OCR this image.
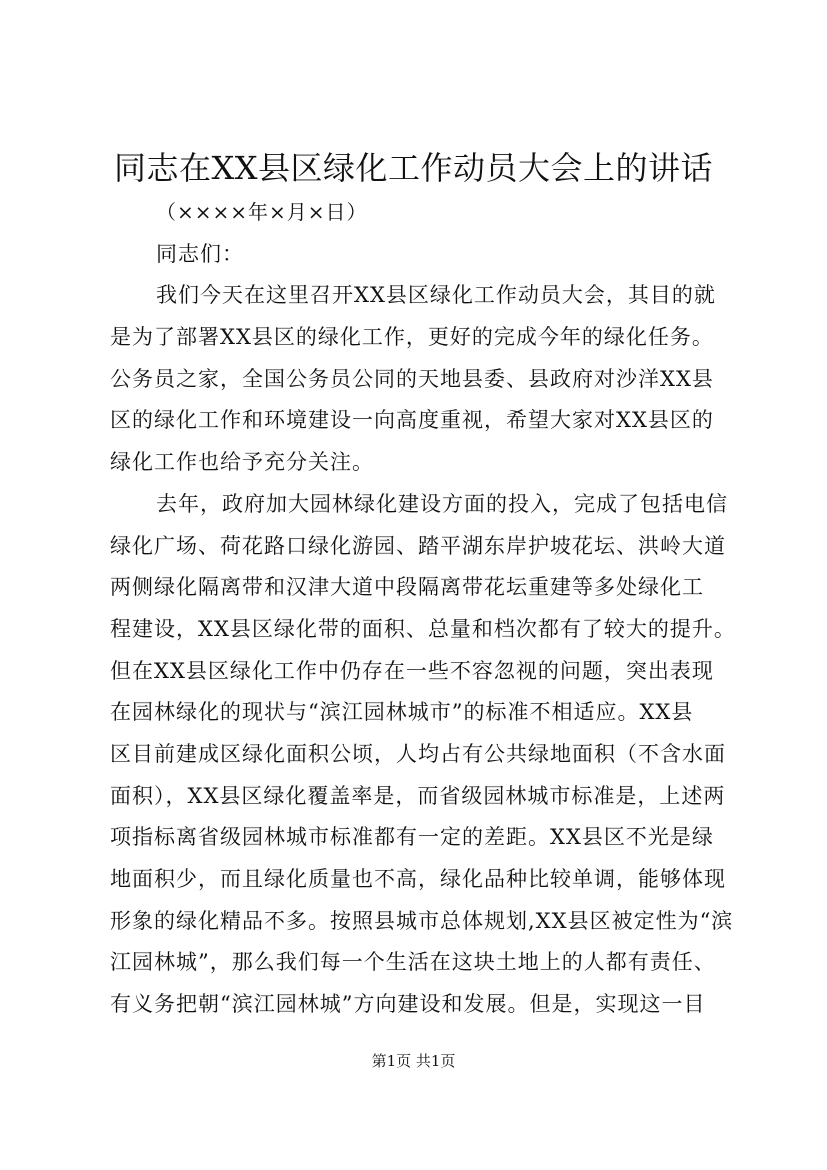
同志在XX县区绿化工作动员大会上的讲话
（××××年×月×日）
同志们：
我们今天在这里召开XX县区绿化工作动员大会，其目的就
是为了部署XX县区的绿化工作，更好的完成今年的绿化任务。
公务员之家，全国公务员公同的天地县委、县政府对沙洋XX县
区的绿化工作和环境建设一向高度重视，希望大家对XX县区的
绿化工作也给予充分关注。
去年，政府加大园林绿化建设方面的投入，完成了包括电信
绿化广场、荷花路口绿化游园、踏平湖东岸护坡花坛、洪岭大道
两侧绿化隔离带和汉津大道中段隔离带花坛重建等多处绿化工
程建设，XX县区绿化带的面积、总量和档次都有了较大的提升。
但在XX县区绿化工作中仍存在一些不容忽视的问题，突出表现
在园林绿化的现状与“滨江园林城市”的标准不相适应。XX县
区目前建成区绿化面积公顷，人均占有公共绿地面积（不含水面
面积），XX县区绿化覆盖率是，而省级园林城市标准是，上述两
项指标离省级园林城市标准都有一定的差距。XX县区不光是绿
地面积少，而且绿化质量也不高，绿化品种比较单调，能够体现
形象的绿化精品不多。按照县城市总体规划,XX县区被定性为“滨
江园林城”，那么我们每一个生活在这块土地上的人都有责任、
有义务把朝“滨江园林城”方向建设和发展。但是，实现这一目
第1页 共1页
